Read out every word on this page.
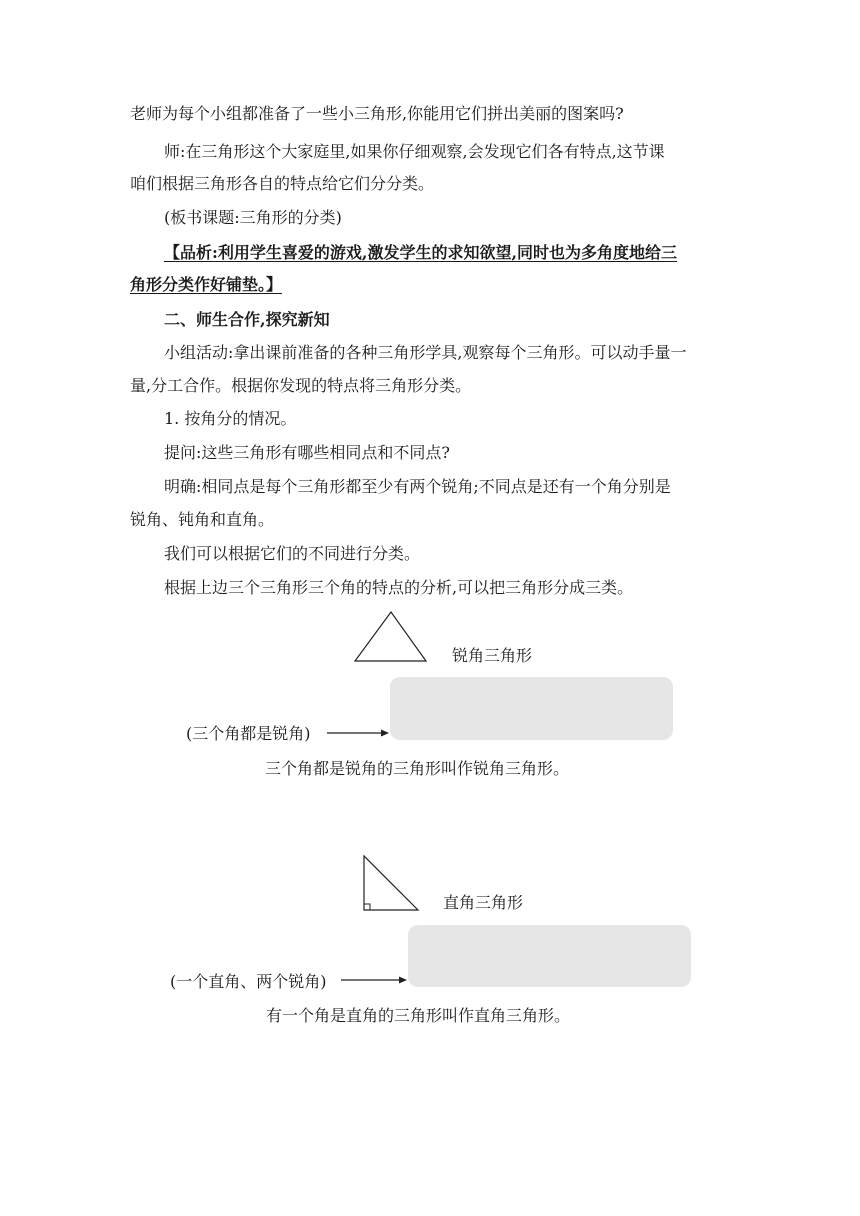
老师为每个小组都准备了一些小三角形,你能用它们拼出美丽的图案吗?
师:在三角形这个大家庭里,如果你仔细观察,会发现它们各有特点,这节课
咱们根据三角形各自的特点给它们分分类。
(板书课题:三角形的分类)
【品析:利用学生喜爱的游戏,激发学生的求知欲望,同时也为多角度地给三
角形分类作好铺垫。】
二、师生合作,探究新知
小组活动:拿出课前准备的各种三角形学具,观察每个三角形。可以动手量一
量,分工合作。根据你发现的特点将三角形分类。
1. 按角分的情况。
提问:这些三角形有哪些相同点和不同点?
明确:相同点是每个三角形都至少有两个锐角;不同点是还有一个角分别是
锐角、钝角和直角。
我们可以根据它们的不同进行分类。
根据上边三个三角形三个角的特点的分析,可以把三角形分成三类。
锐角三角形
(三个角都是锐角)
三个角都是锐角的三角形叫作锐角三角形。
直角三角形
(一个直角、两个锐角)
有一个角是直角的三角形叫作直角三角形。
